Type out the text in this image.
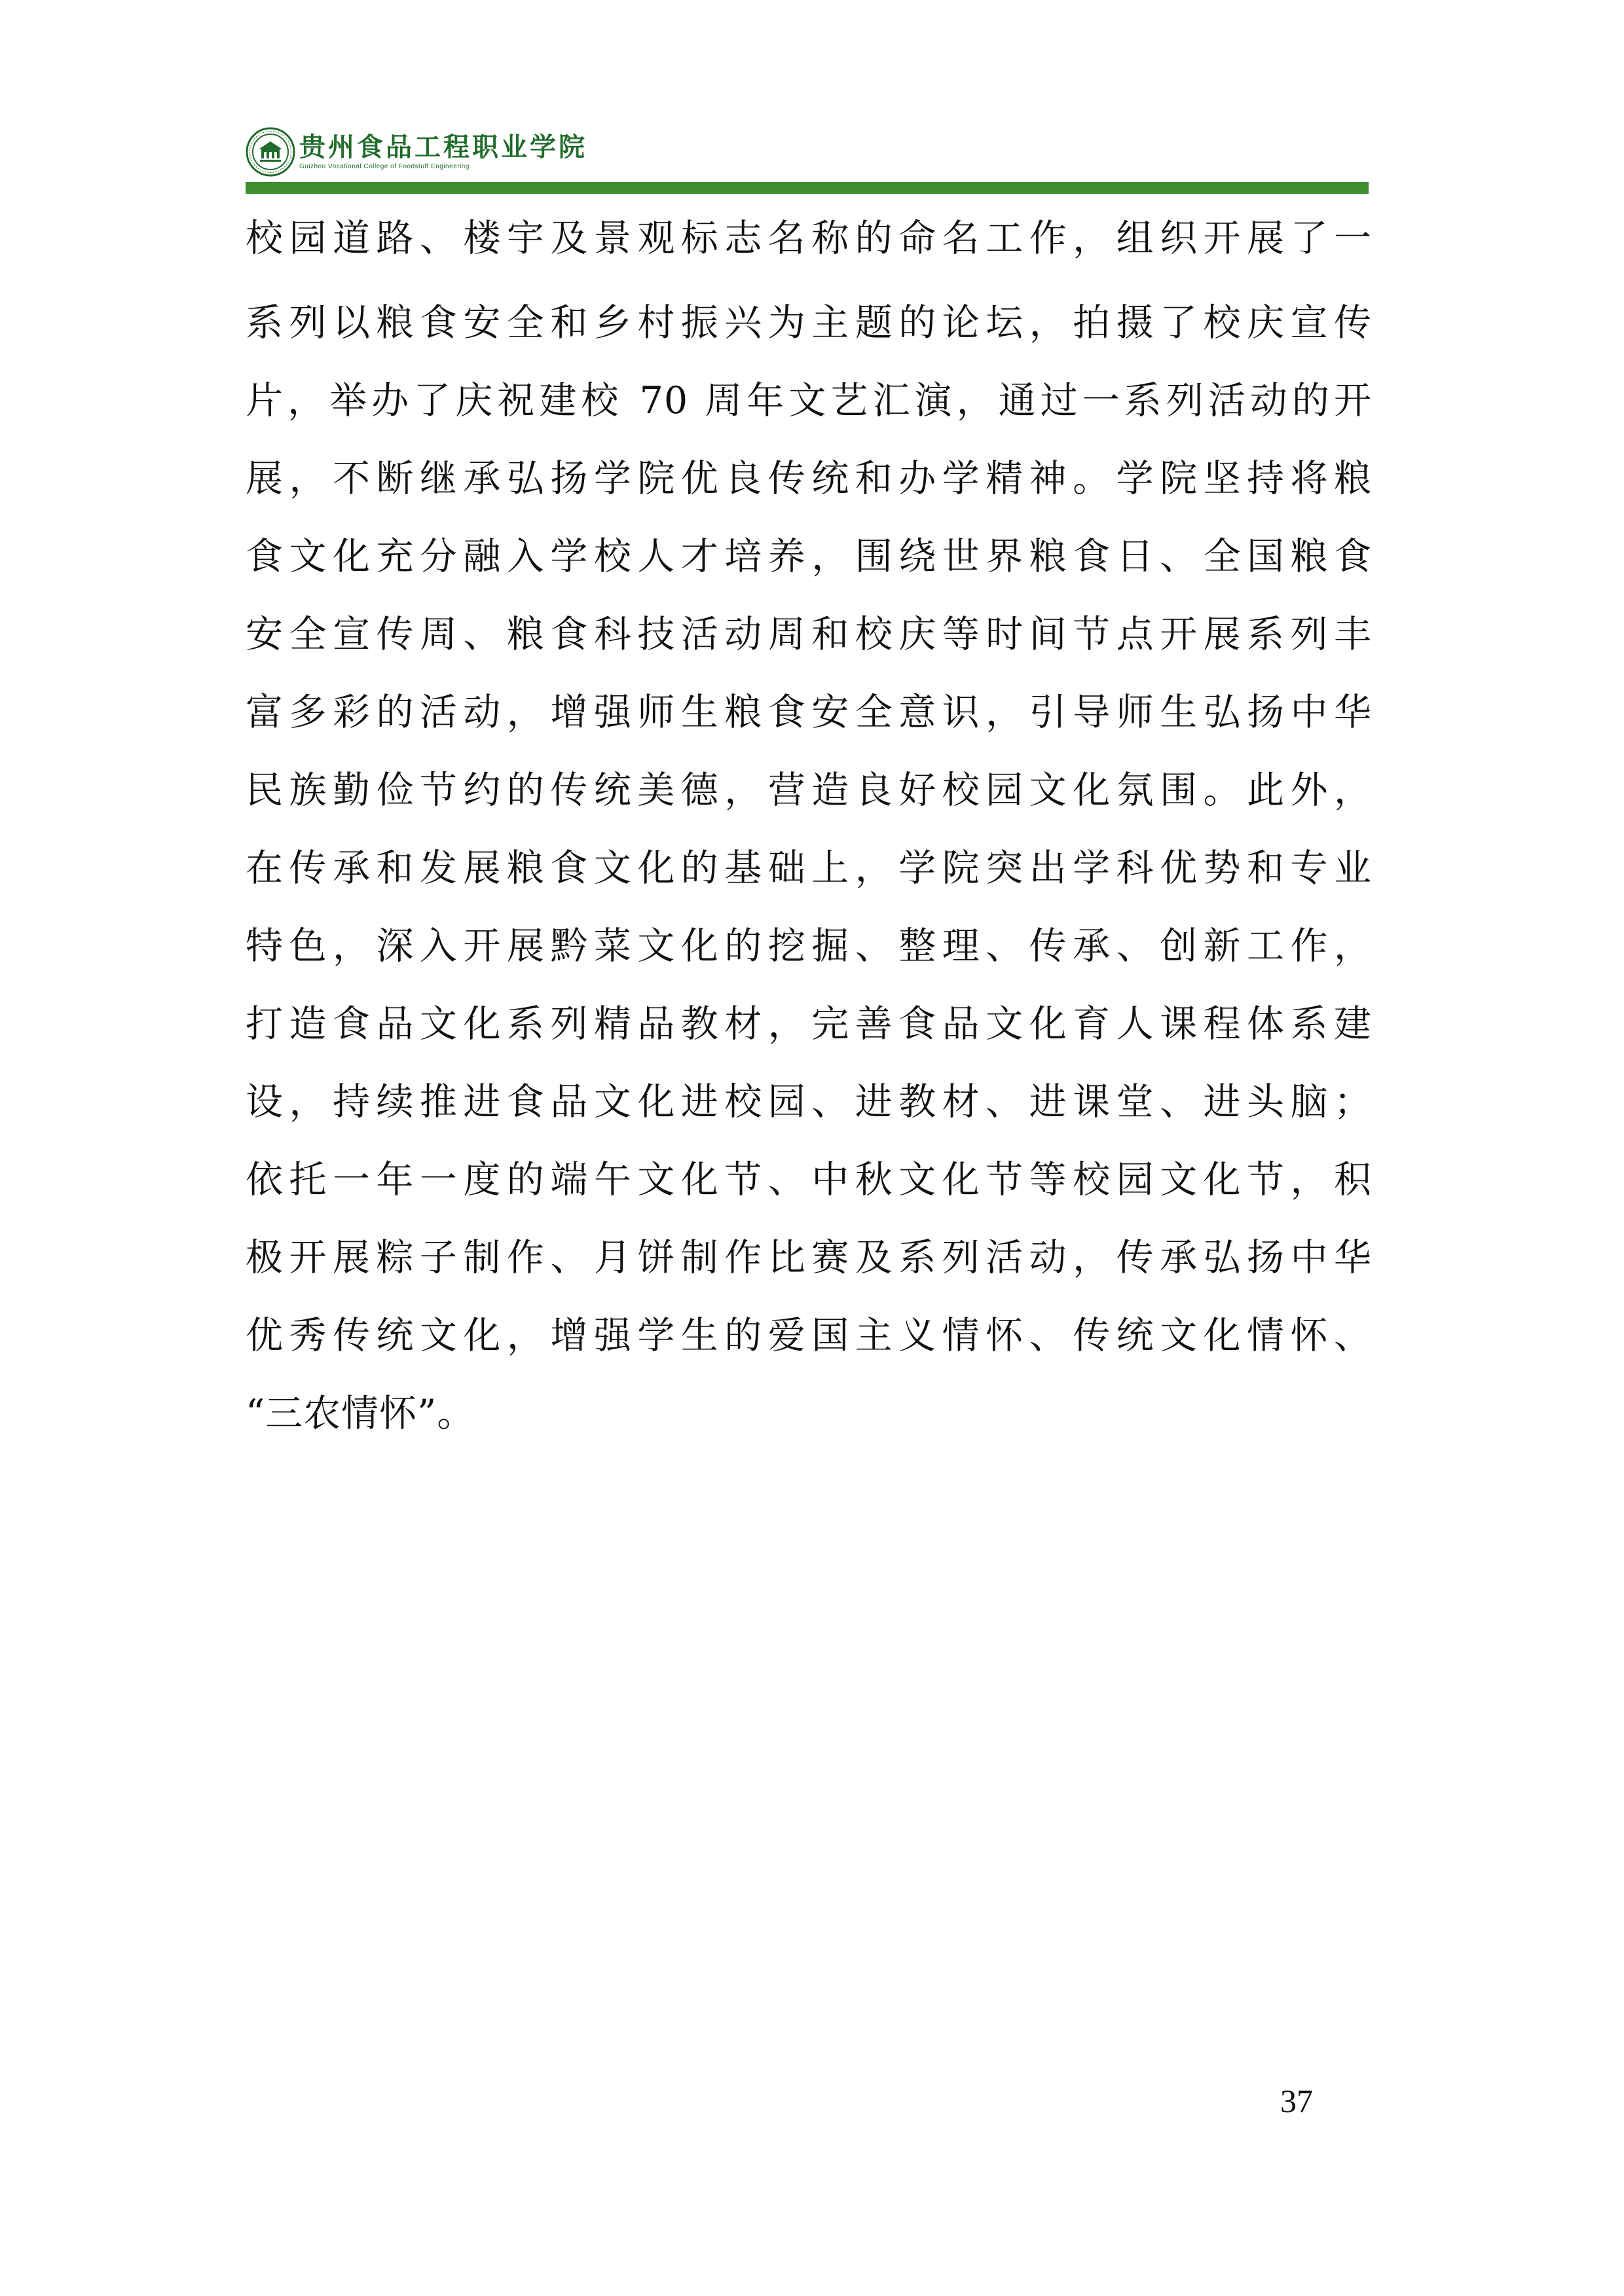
贵州食品工程职业学院
Guizhou Vocational College of Foodstuff Engineering
校园道路、楼宇及景观标志名称的命名工作，组织开展了一
系列以粮食安全和乡村振兴为主题的论坛，拍摄了校庆宣传
片，举办了庆祝建校 70 周年文艺汇演，通过一系列活动的开
展，不断继承弘扬学院优良传统和办学精神。学院坚持将粮
食文化充分融入学校人才培养，围绕世界粮食日、全国粮食
安全宣传周、粮食科技活动周和校庆等时间节点开展系列丰
富多彩的活动，增强师生粮食安全意识，引导师生弘扬中华
民族勤俭节约的传统美德，营造良好校园文化氛围。此外，
在传承和发展粮食文化的基础上，学院突出学科优势和专业
特色，深入开展黔菜文化的挖掘、整理、传承、创新工作，
打造食品文化系列精品教材，完善食品文化育人课程体系建
设，持续推进食品文化进校园、进教材、进课堂、进头脑；
依托一年一度的端午文化节、中秋文化节等校园文化节，积
极开展粽子制作、月饼制作比赛及系列活动，传承弘扬中华
优秀传统文化，增强学生的爱国主义情怀、传统文化情怀、
“三农情怀”。
37
